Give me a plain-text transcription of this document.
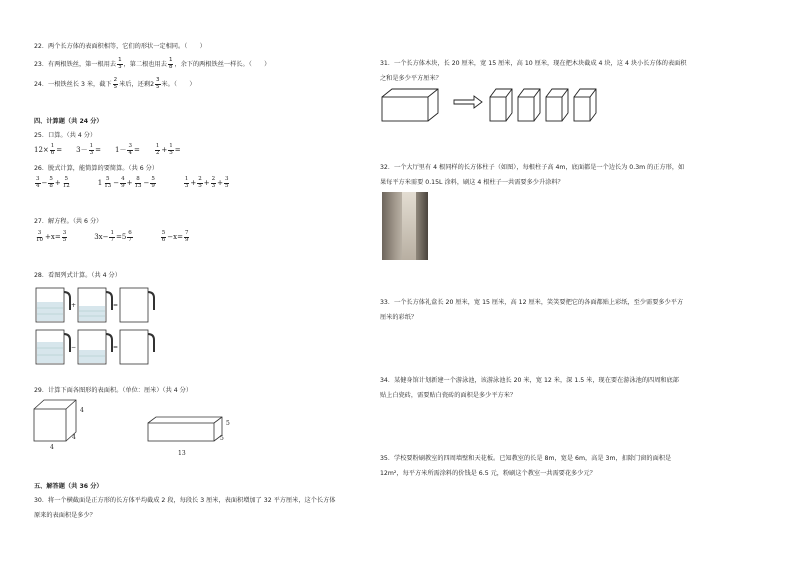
22．两个长方体的表面积相等，它们的形状一定相同。（　　）
23．有两根铁丝，第一根用去 $\frac{1}{3}$ ，第二根也用去 $\frac{1}{8}$ ，余下的两根铁丝一样长。（　　）
24．一根铁丝长 3 米，截下 $\frac{2}{5}$ 米后，还剩$2 \frac{3}{5}$ 米。（　　）
四、计算题（共 24 分）
25．口算。（共 4 分）
$12\times \frac{1}{6} = 3- \frac{1}{3} = 1- \frac{3}{4}$ =	$\frac{1}{2} + \frac{1}{5}$ =
26．脱式计算，能简算的要简算。（共 6 分）
$\frac{3}{4} - \frac{5}{8} + \frac{5}{12}$	$1 \frac{5}{13} - \frac{4}{9} + \frac{8}{13} - \frac{5}{9}$	$\frac{1}{3} + \frac{2}{5} + \frac{2}{3} + \frac{3}{5}$
27．解方程。（共 6 分）
$\frac{3}{10} +x= \frac{3}{5}$	$3x- \frac{1}{7} =5 \frac{6}{7}$	$\frac{5}{6} -x= \frac{7}{9}$
28．看图列式计算。（共 4 分）
+	=
−	=
29．计算下面各图形的表面积。（单位：厘米）（共 4 分）
4
4
4
5
5
13
五、解答题（共 36 分）
30．将一个横截面是正方形的长方体平均截成 2 段，每段长 3 厘米，表面积增加了 32 平方厘米，这个长方体
原来的表面积是多少？
31．一个长方体木块，长 20 厘米，宽 15 厘米，高 10 厘米，现在把木块截成 4 块，这 4 块小长方体的表面积
之和是多少平方厘米？
32．一个大厅里有 4 根同样的长方体柱子（如图），每根柱子高 4m，底面都是一个边长为 0.3m 的正方形，如
果每平方米需要 0.15L 涂料，刷这 4 根柱子一共需要多少升涂料？
33．一个长方体礼盒长 20 厘米，宽 15 厘米，高 12 厘米，笑笑要把它的各面都贴上彩纸，至少需要多少平方
厘米的彩纸？
34．某健身馆计划新建一个游泳池，该游泳池长 20 米，宽 12 米，深 1.5 米，现在要在游泳池的四周和底部
贴上白瓷砖，需要贴白瓷砖的面积是多少平方米？
35．学校要粉刷教室的四周墙壁和天花板。已知教室的长是 8m，宽是 6m，高是 3m，扣除门窗的面积是
12m²，每平方米所需涂料的价钱是 6.5 元，粉刷这个教室一共需要花多少元？
